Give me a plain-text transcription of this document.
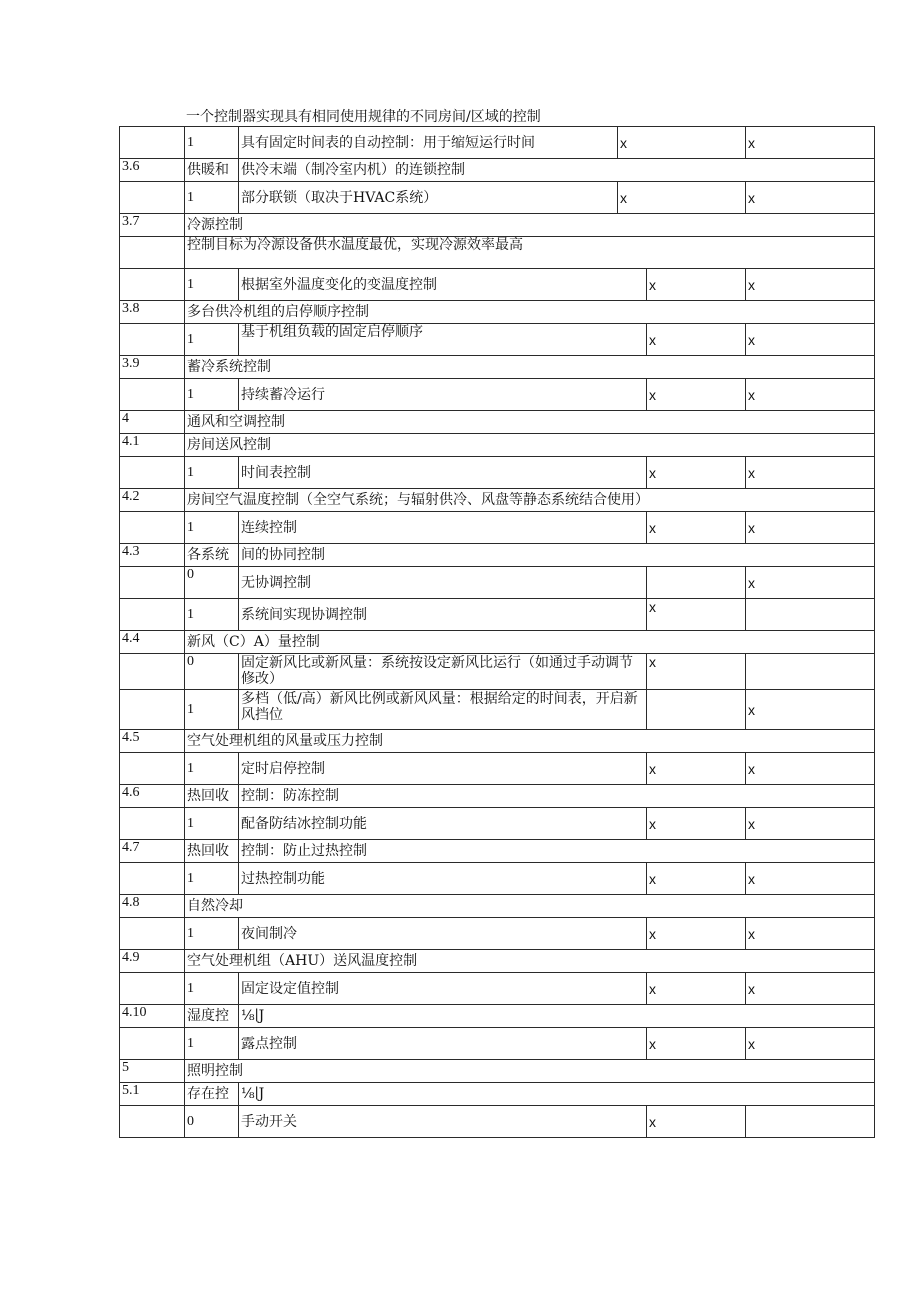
一个控制器实现具有相同使用规律的不同房间/区域的控制
	1	具有固定时间表的自动控制：用于缩短运行时间	x		x
3.6	供暖和	供冷末端（制冷室内机）的连锁控制			
	1	部分联锁（取决于HVAC系统）	x		x
3.7	冷源控制				
	控制目标为冷源设备供水温度最优，实现冷源效率最高				
	1	根据室外温度变化的变温度控制		x	x
3.8	多台供冷机组的启停顺序控制				
	1	基于机组负载的固定启停顺序		x	x
3.9	蓄冷系统控制				
	1	持续蓄冷运行		x	x
4	通风和空调控制				
4.1	房间送风控制				
	1	时间表控制		x	x
4.2	房间空气温度控制（全空气系统；与辐射供冷、风盘等静态系统结合使用）				
	1	连续控制		x	x
4.3	各系统	间的协同控制			
	0	无协调控制			x
	1	系统间实现协调控制		x	
4.4	新风（C）A）量控制				
	0	固定新风比或新风量：系统按设定新风比运行（如通过手动调节修改）		x	
	1	多档（低/高）新风比例或新风风量：根据给定的时间表，开启新风挡位			x
4.5	空气处理机组的风量或压力控制				
	1	定时启停控制		x	x
4.6	热回收	控制：防冻控制			
	1	配备防结冰控制功能		x	x
4.7	热回收	控制：防止过热控制			
	1	过热控制功能		x	x
4.8	自然冷却				
	1	夜间制冷		x	x
4.9	空气处理机组（AHU）送风温度控制				
	1	固定设定值控制		x	x
4.10	湿度控	⅛∣J			
	1	露点控制		x	x
5	照明控制				
5.1	存在控	⅛∣J			
	0	手动开关		x	
